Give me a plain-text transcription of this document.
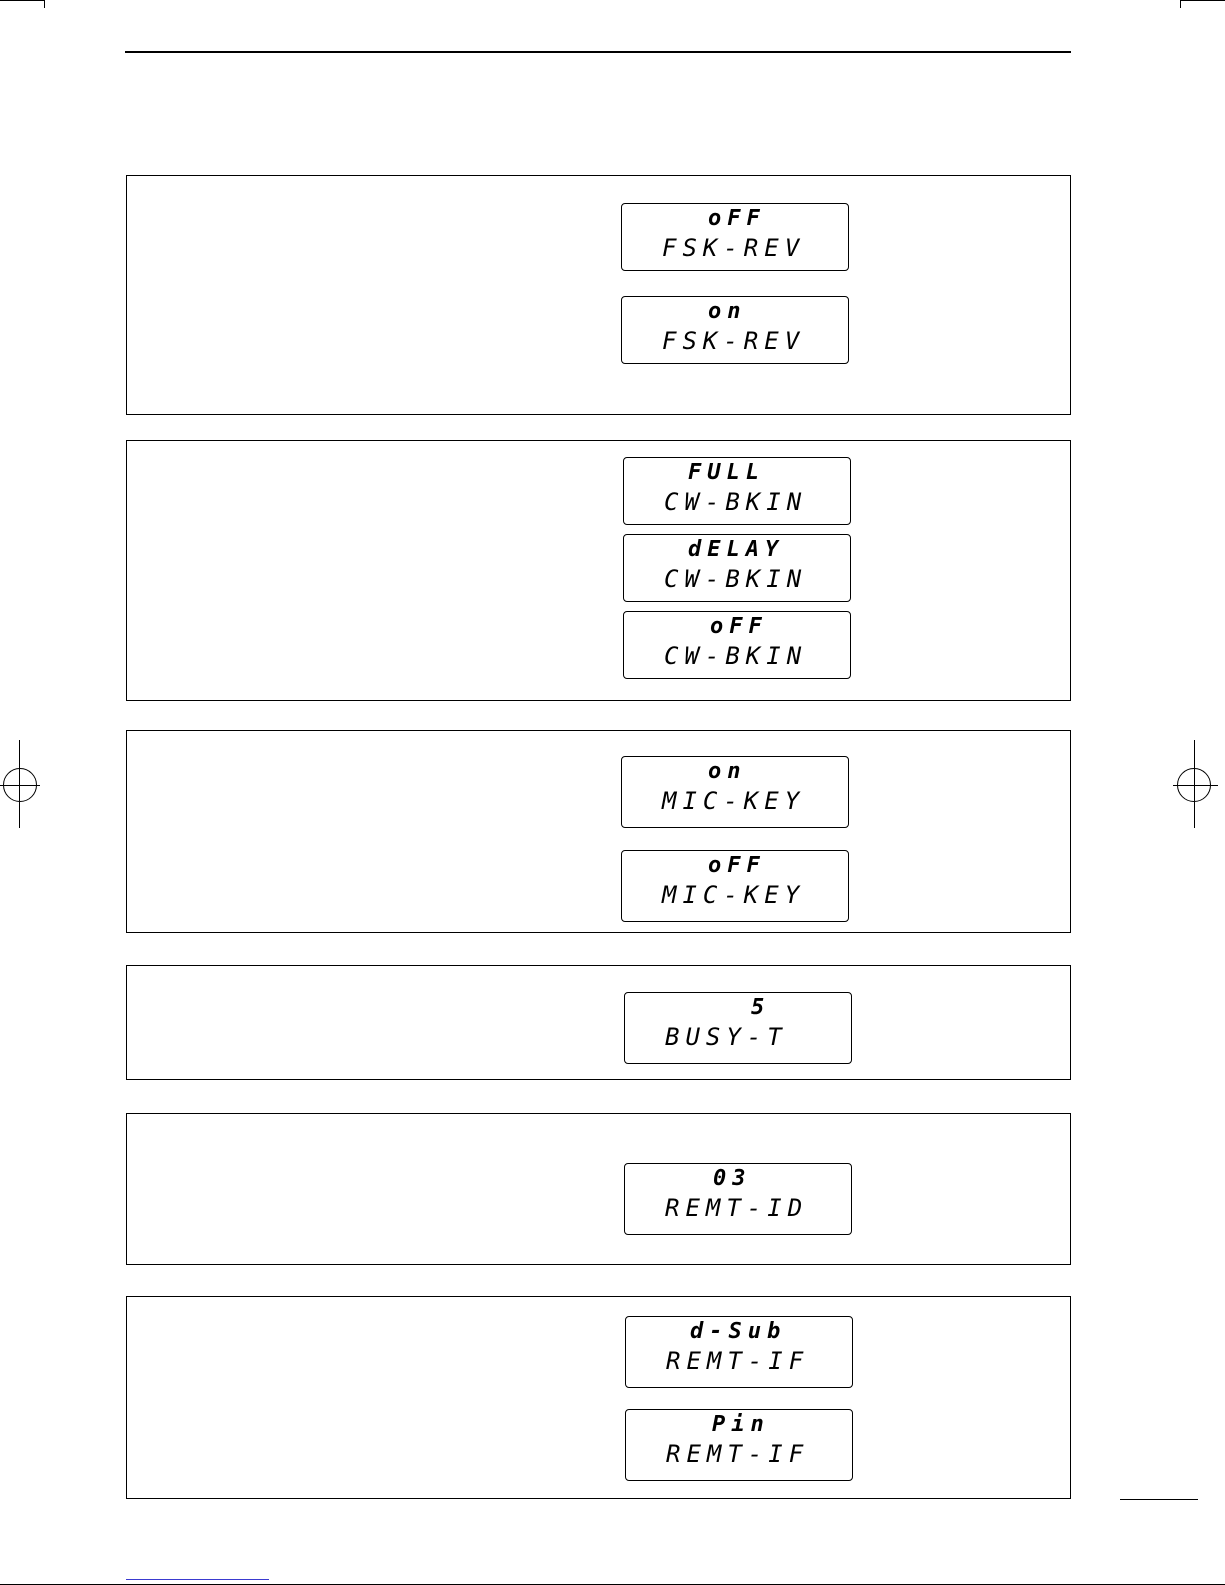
oFF
FSK-REV
on
FSK-REV
FULL
CW-BKIN
dELAY
CW-BKIN
oFF
CW-BKIN
on
MIC-KEY
oFF
MIC-KEY
5
BUSY-T
03
REMT-ID
d-Sub
REMT-IF
Pin
REMT-IF
